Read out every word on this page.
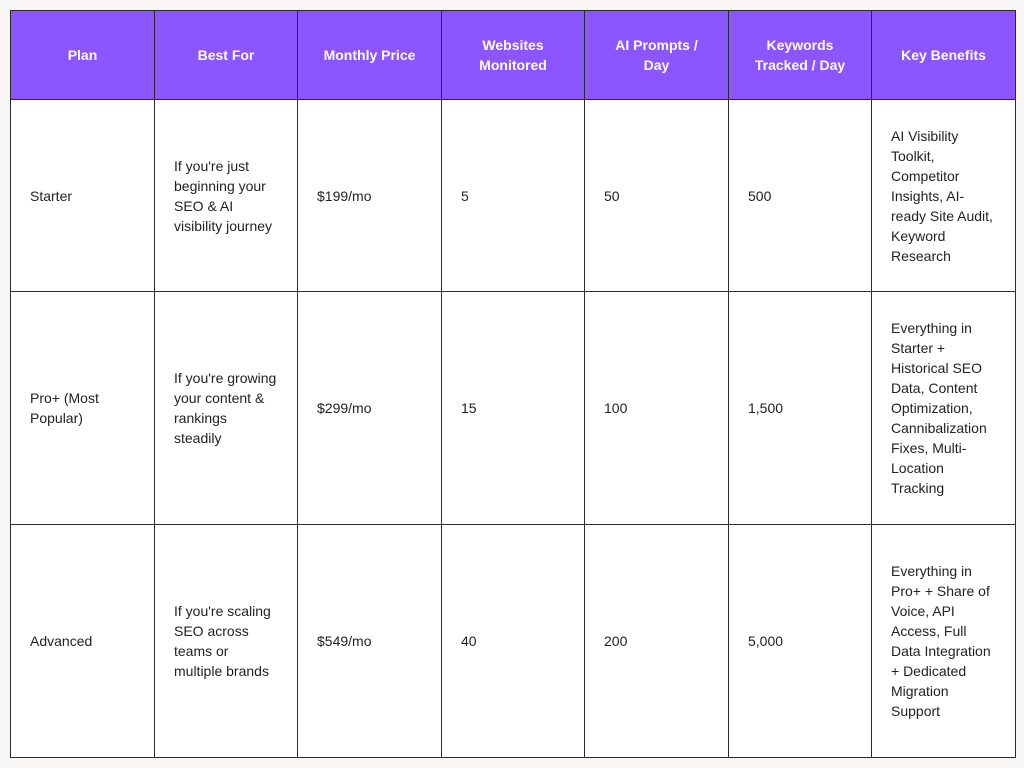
Plan	Best For	Monthly Price	Websites Monitored	AI Prompts / Day	Keywords Tracked / Day	Key Benefits
Starter	If you're just beginning your SEO & AI visibility journey	$199/mo	5	50	500	AI Visibility Toolkit, Competitor Insights, AI-ready Site Audit, Keyword Research
Pro+ (Most Popular)	If you're growing your content & rankings steadily	$299/mo	15	100	1,500	Everything in Starter + Historical SEO Data, Content Optimization, Cannibalization Fixes, Multi-Location Tracking
Advanced	If you're scaling SEO across teams or multiple brands	$549/mo	40	200	5,000	Everything in Pro+ + Share of Voice, API Access, Full Data Integration + Dedicated Migration Support
